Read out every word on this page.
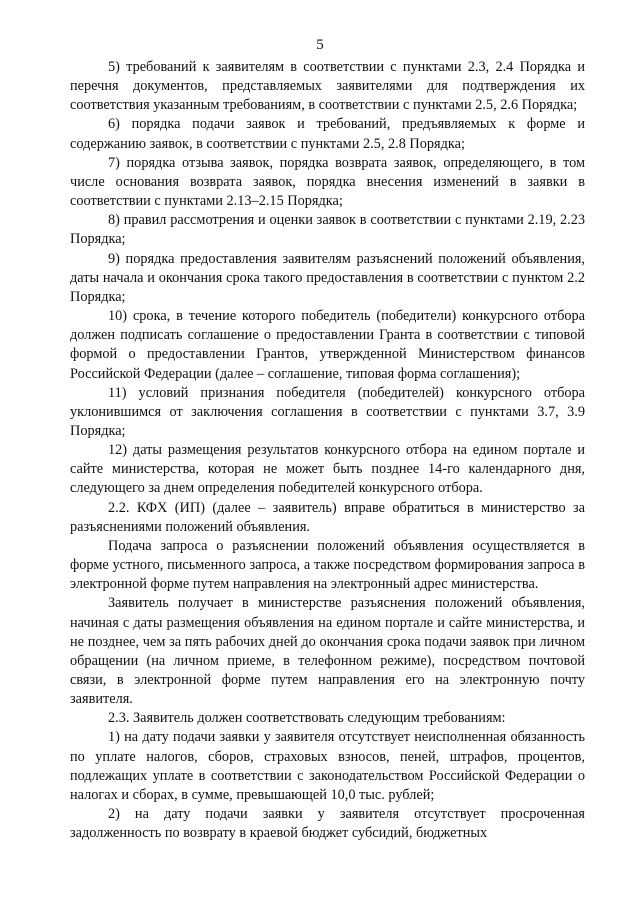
5

5) требований к заявителям в соответствии с пунктами 2.3, 2.4 Порядка и перечня документов, представляемых заявителями для подтверждения их соответствия указанным требованиям, в соответствии с пунктами 2.5, 2.6 Порядка;

6) порядка подачи заявок и требований, предъявляемых к форме и содержанию заявок, в соответствии с пунктами 2.5, 2.8 Порядка;

7) порядка отзыва заявок, порядка возврата заявок, определяющего, в том числе основания возврата заявок, порядка внесения изменений в заявки в соответствии с пунктами 2.13–2.15 Порядка;

8) правил рассмотрения и оценки заявок в соответствии с пунктами 2.19, 2.23 Порядка;

9) порядка предоставления заявителям разъяснений положений объявления, даты начала и окончания срока такого предоставления в соответствии с пунктом 2.2 Порядка;

10) срока, в течение которого победитель (победители) конкурсного отбора должен подписать соглашение о предоставлении Гранта в соответствии с типовой формой о предоставлении Грантов, утвержденной Министерством финансов Российской Федерации (далее – соглашение, типовая форма соглашения);

11) условий признания победителя (победителей) конкурсного отбора уклонившимся от заключения соглашения в соответствии с пунктами 3.7, 3.9 Порядка;

12) даты размещения результатов конкурсного отбора на едином портале и сайте министерства, которая не может быть позднее 14-го календарного дня, следующего за днем определения победителей конкурсного отбора.

2.2. КФХ (ИП) (далее – заявитель) вправе обратиться в министерство за разъяснениями положений объявления.

Подача запроса о разъяснении положений объявления осуществляется в форме устного, письменного запроса, а также посредством формирования запроса в электронной форме путем направления на электронный адрес министерства.

Заявитель получает в министерстве разъяснения положений объявления, начиная с даты размещения объявления на едином портале и сайте министерства, и не позднее, чем за пять рабочих дней до окончания срока подачи заявок при личном обращении (на личном приеме, в телефонном режиме), посредством почтовой связи, в электронной форме путем направления его на электронную почту заявителя.

2.3. Заявитель должен соответствовать следующим требованиям:

1) на дату подачи заявки у заявителя отсутствует неисполненная обязанность по уплате налогов, сборов, страховых взносов, пеней, штрафов, процентов, подлежащих уплате в соответствии с законодательством Российской Федерации о налогах и сборах, в сумме, превышающей 10,0 тыс. рублей;

2) на дату подачи заявки у заявителя отсутствует просроченная задолженность по возврату в краевой бюджет субсидий, бюджетных
